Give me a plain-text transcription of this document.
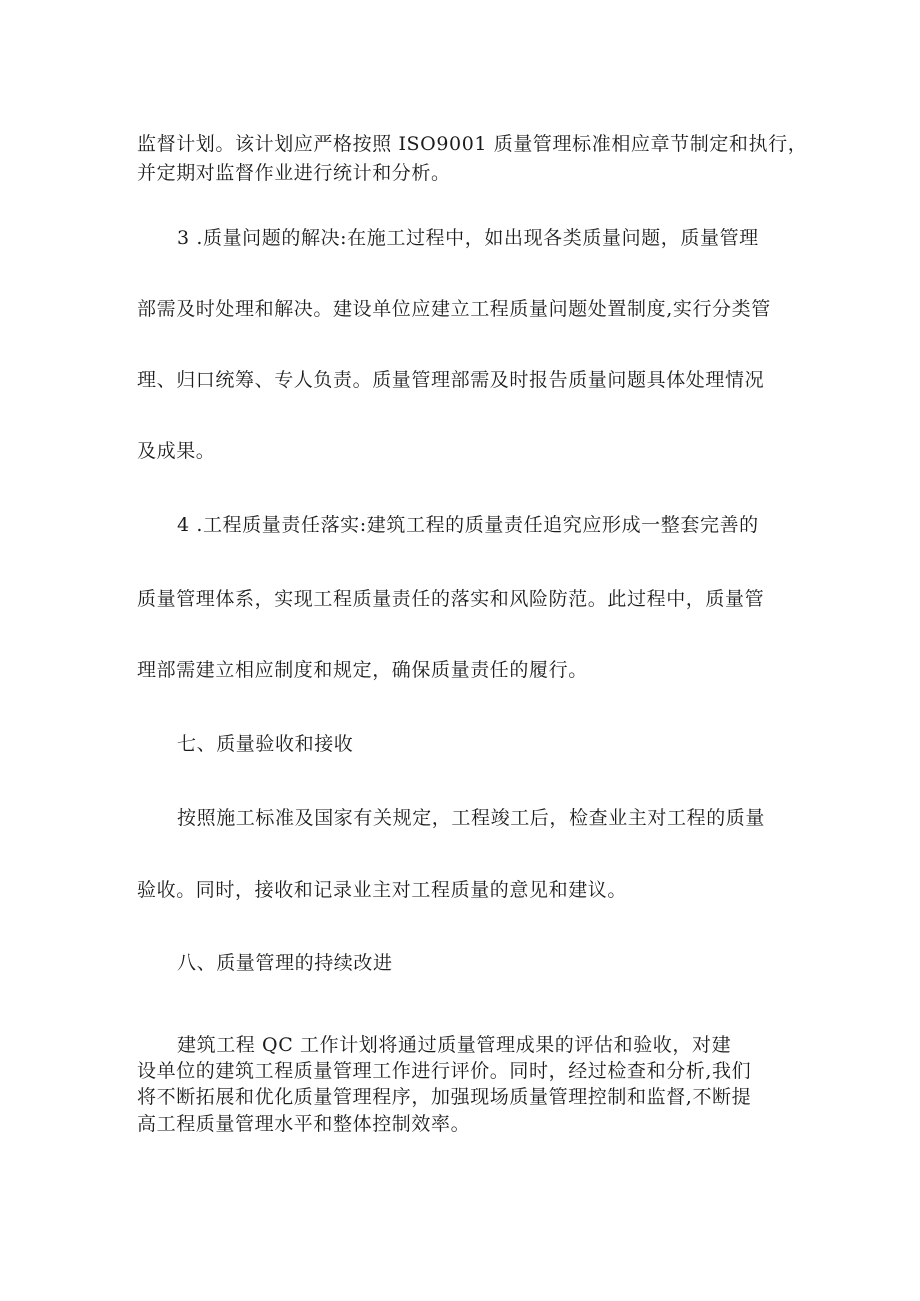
监督计划。该计划应严格按照 ISO9001 质量管理标准相应章节制定和执行，
并定期对监督作业进行统计和分析。
3 .质量问题的解决:在施工过程中，如出现各类质量问题，质量管理
部需及时处理和解决。建设单位应建立工程质量问题处置制度,实行分类管
理、归口统筹、专人负责。质量管理部需及时报告质量问题具体处理情况
及成果。
4 .工程质量责任落实:建筑工程的质量责任追究应形成一整套完善的
质量管理体系，实现工程质量责任的落实和风险防范。此过程中，质量管
理部需建立相应制度和规定，确保质量责任的履行。
七、质量验收和接收
按照施工标准及国家有关规定，工程竣工后，检查业主对工程的质量
验收。同时，接收和记录业主对工程质量的意见和建议。
八、质量管理的持续改进
建筑工程 QC 工作计划将通过质量管理成果的评估和验收，对建
设单位的建筑工程质量管理工作进行评价。同时，经过检查和分析,我们
将不断拓展和优化质量管理程序，加强现场质量管理控制和监督,不断提
高工程质量管理水平和整体控制效率。
